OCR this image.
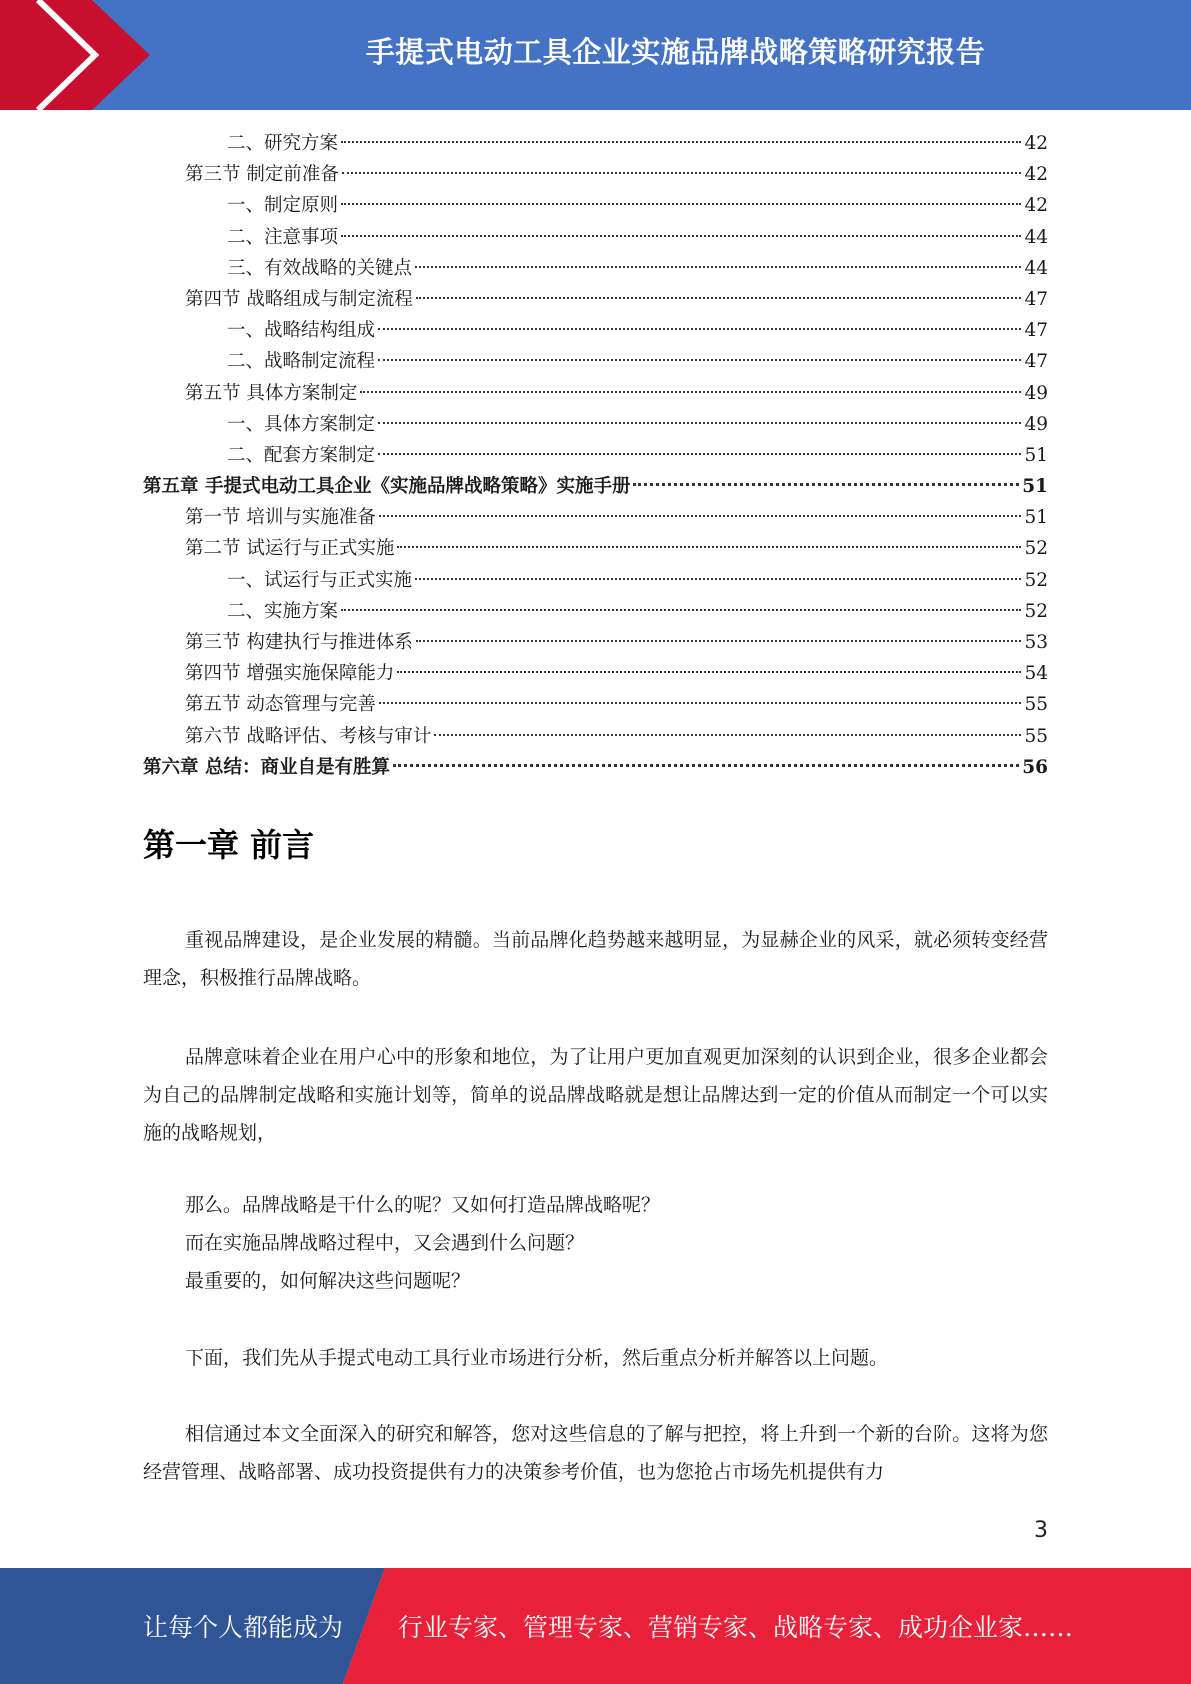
手提式电动工具企业实施品牌战略策略研究报告
二、研究方案	42
第三节 制定前准备	42
一、制定原则	42
二、注意事项	44
三、有效战略的关键点	44
第四节 战略组成与制定流程	47
一、战略结构组成	47
二、战略制定流程	47
第五节 具体方案制定	49
一、具体方案制定	49
二、配套方案制定	51
第五章 手提式电动工具企业《实施品牌战略策略》实施手册	51
第一节 培训与实施准备	51
第二节 试运行与正式实施	52
一、试运行与正式实施	52
二、实施方案	52
第三节 构建执行与推进体系	53
第四节 增强实施保障能力	54
第五节 动态管理与完善	55
第六节 战略评估、考核与审计	55
第六章 总结：商业自是有胜算	56
第一章 前言

重视品牌建设，是企业发展的精髓。当前品牌化趋势越来越明显，为显赫企业的风采，就必须转变经营理念，积极推行品牌战略。

品牌意味着企业在用户心中的形象和地位，为了让用户更加直观更加深刻的认识到企业，很多企业都会为自己的品牌制定战略和实施计划等，简单的说品牌战略就是想让品牌达到一定的价值从而制定一个可以实施的战略规划，

那么。品牌战略是干什么的呢？又如何打造品牌战略呢？

而在实施品牌战略过程中，又会遇到什么问题？

最重要的，如何解决这些问题呢？

下面，我们先从手提式电动工具行业市场进行分析，然后重点分析并解答以上问题。

相信通过本文全面深入的研究和解答，您对这些信息的了解与把控，将上升到一个新的台阶。这将为您经营管理、战略部署、成功投资提供有力的决策参考价值，也为您抢占市场先机提供有力

3
让每个人都能成为 行业专家、管理专家、营销专家、战略专家、成功企业家……
